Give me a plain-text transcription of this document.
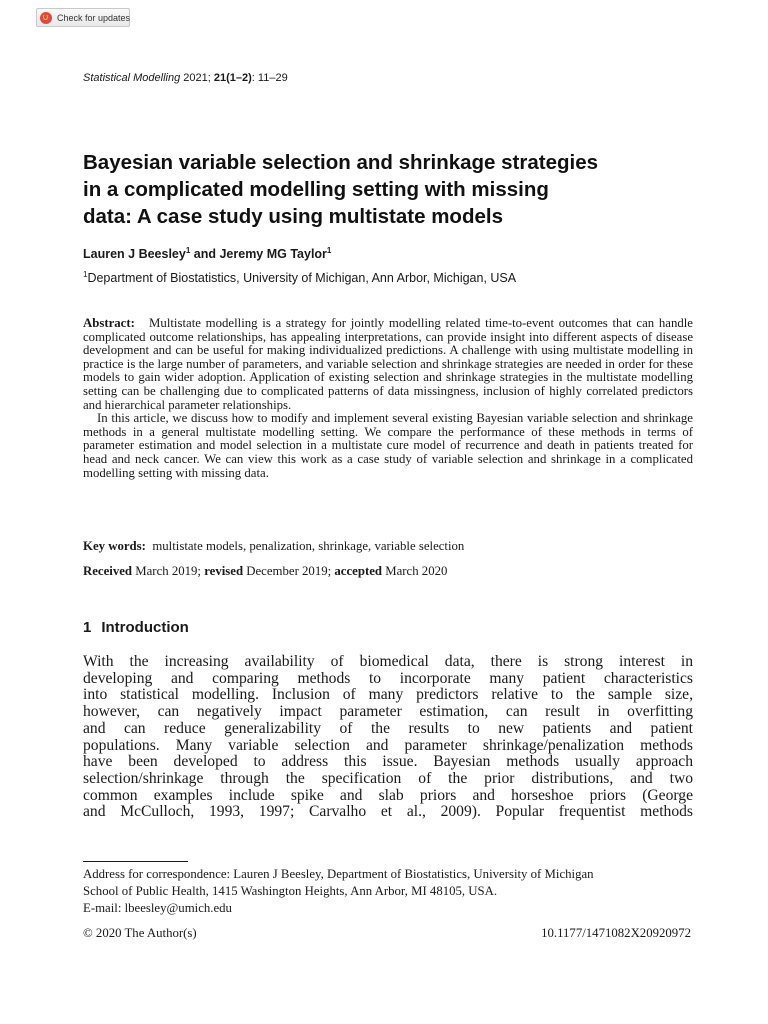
Check for updates
Statistical Modelling 2021; 21(1–2): 11–29
Bayesian variable selection and shrinkage strategies
in a complicated modelling setting with missing
data: A case study using multistate models
Lauren J Beesley$^1$ and Jeremy MG Taylor$^1$
$^1$Department of Biostatistics, University of Michigan, Ann Arbor, Michigan, USA

Abstract: Multistate modelling is a strategy for jointly modelling related time-to-event outcomes that can handle complicated outcome relationships, has appealing interpretations, can provide insight into different aspects of disease development and can be useful for making individualized predictions. A challenge with using multistate modelling in practice is the large number of parameters, and variable selection and shrinkage strategies are needed in order for these models to gain wider adoption. Application of existing selection and shrinkage strategies in the multistate modelling setting can be challenging due to complicated patterns of data missingness, inclusion of highly correlated predictors and hierarchical parameter relationships.

In this article, we discuss how to modify and implement several existing Bayesian variable selection and shrinkage methods in a general multistate modelling setting. We compare the performance of these methods in terms of parameter estimation and model selection in a multistate cure model of recurrence and death in patients treated for head and neck cancer. We can view this work as a case study of variable selection and shrinkage in a complicated modelling setting with missing data.

Key words: multistate models, penalization, shrinkage, variable selection
Received March 2019; revised December 2019; accepted March 2020
1 Introduction
With the increasing availability of biomedical data, there is strong interest in
developing and comparing methods to incorporate many patient characteristics
into statistical modelling. Inclusion of many predictors relative to the sample size,
however, can negatively impact parameter estimation, can result in overfitting
and can reduce generalizability of the results to new patients and patient
populations. Many variable selection and parameter shrinkage/penalization methods
have been developed to address this issue. Bayesian methods usually approach
selection/shrinkage through the specification of the prior distributions, and two
common examples include spike and slab priors and horseshoe priors (George
and McCulloch, 1993, 1997; Carvalho et al., 2009). Popular frequentist methods
Address for correspondence: Lauren J Beesley, Department of Biostatistics, University of Michigan
School of Public Health, 1415 Washington Heights, Ann Arbor, MI 48105, USA.
E-mail: lbeesley@umich.edu
© 2020 The Author(s)	10.1177/1471082X20920972
